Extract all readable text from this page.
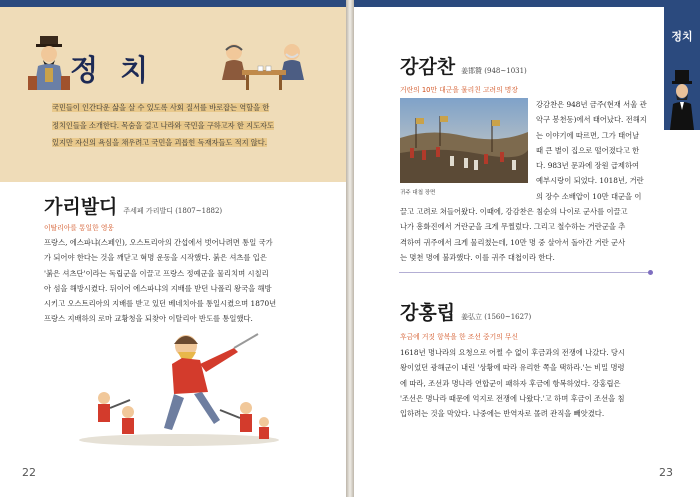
정 치
국민들이 인간다운 삶을 살 수 있도록 사회 질서를 바로잡는 역할을 한
정치인들을 소개한다. 목숨을 걸고 나라와 국민을 구하고자 한 지도자도
있지만 자신의 욕심을 채우려고 국민을 괴롭힌 독재자들도 적지 않다.
가리발디 주세페 가리발디 (1807~1882)
이탈리아를 통일한 영웅
프랑스, 에스파냐(스페인), 오스트리아의 간섭에서 벗어나려면 통일 국가
가 되어야 한다는 것을 깨닫고 혁명 운동을 시작했다. 붉은 셔츠를 입은
'붉은 셔츠단'이라는 독립군을 이끌고 프랑스 정예군을 물리치며 시칠리
아 섬을 해방시켰다. 뒤이어 에스파냐의 지배를 받던 나폴리 왕국을 해방
시키고 오스트리아의 지배를 받고 있던 베네치아를 통일시켰으며 1870년
프랑스 지배하의 로마 교황청을 되찾아 이탈리아 반도를 통일했다.
22
정치
강감찬 姜邯贊 (948~1031)
거란의 10만 대군을 물리친 고려의 명장
귀주 대첩 장면
강감찬은 948년 금주(현재 서울 관
악구 봉천동)에서 태어났다. 전해지
는 이야기에 따르면, 그가 태어날
때 큰 별이 집으로 떨어졌다고 한
다. 983년 문과에 장원 급제하여
예부시랑이 되었다. 1018년, 거란
의 장수 소배압이 10만 대군을 이
끌고 고려로 쳐들어왔다. 이때에, 강감찬은 침순의 나이로 군사를 이끌고
나가 흥화진에서 거란군을 크게 무찔렀다. 그리고 철수하는 거란군을 추
격하여 귀주에서 크게 물리쳤는데, 10만 명 중 살아서 돌아간 거란 군사
는 몇천 명에 불과했다. 이를 귀주 대첩이라 한다.
강홍립 姜弘立 (1560~1627)
후금에 거짓 항복을 한 조선 중기의 무신
1618년 명나라의 요청으로 어쩔 수 없이 후금과의 전쟁에 나갔다. 당시
왕이었던 광해군이 내린 '상황에 따라 유리한 쪽을 택하라.'는 비밀 명령
에 따라, 조선과 명나라 연합군이 패하자 후금에 항복하였다. 강홍립은
'조선은 명나라 때문에 억지로 전쟁에 나왔다.'고 하며 후금이 조선을 침
입하려는 것을 막았다. 나중에는 반역자로 몰려 관직을 빼앗겼다.
23
